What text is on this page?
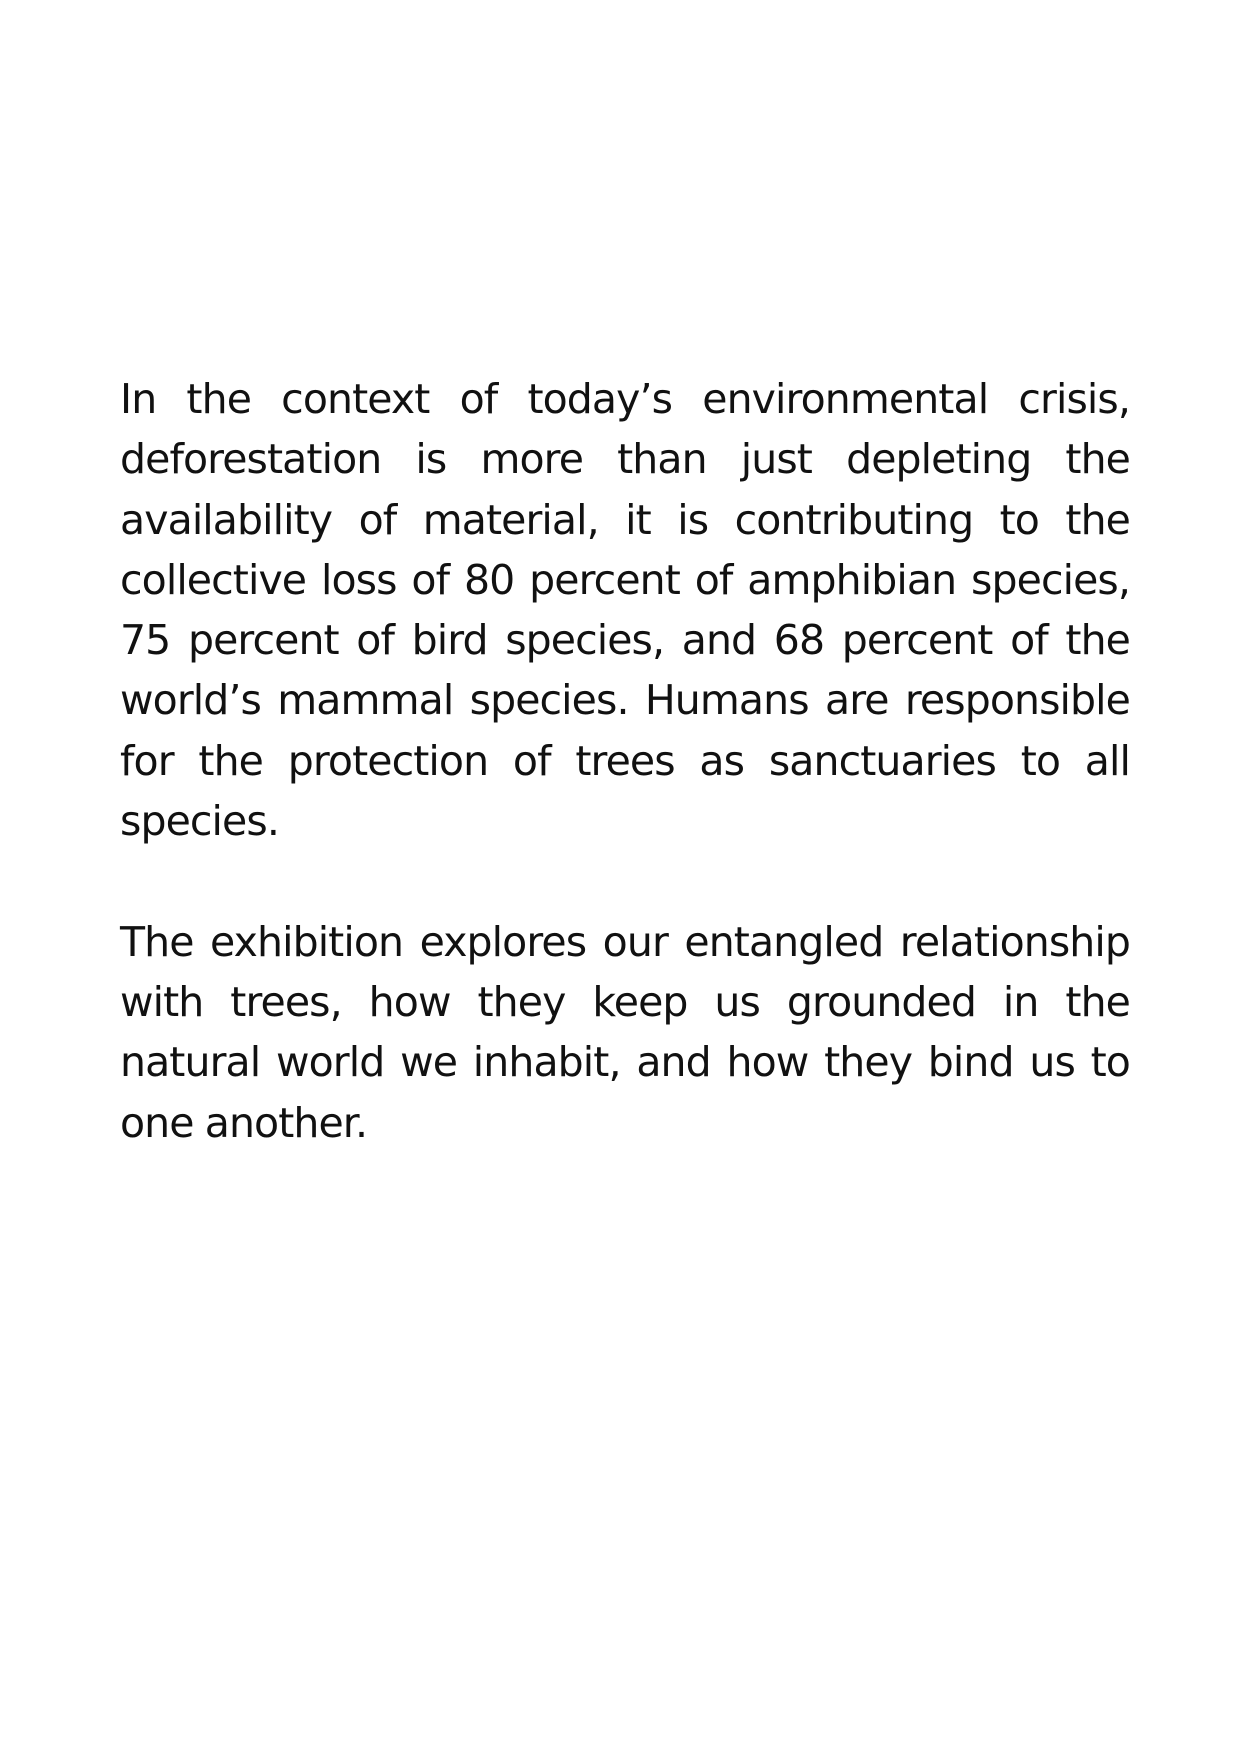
In the context of today’s environmental crisis,
deforestation is more than just depleting the
availability of material, it is contributing to the
collective loss of 80 percent of amphibian species,
75 percent of bird species, and 68 percent of the
world’s mammal species. Humans are responsible
for the protection of trees as sanctuaries to all
species.
The exhibition explores our entangled relationship
with trees, how they keep us grounded in the
natural world we inhabit, and how they bind us to
one another.
